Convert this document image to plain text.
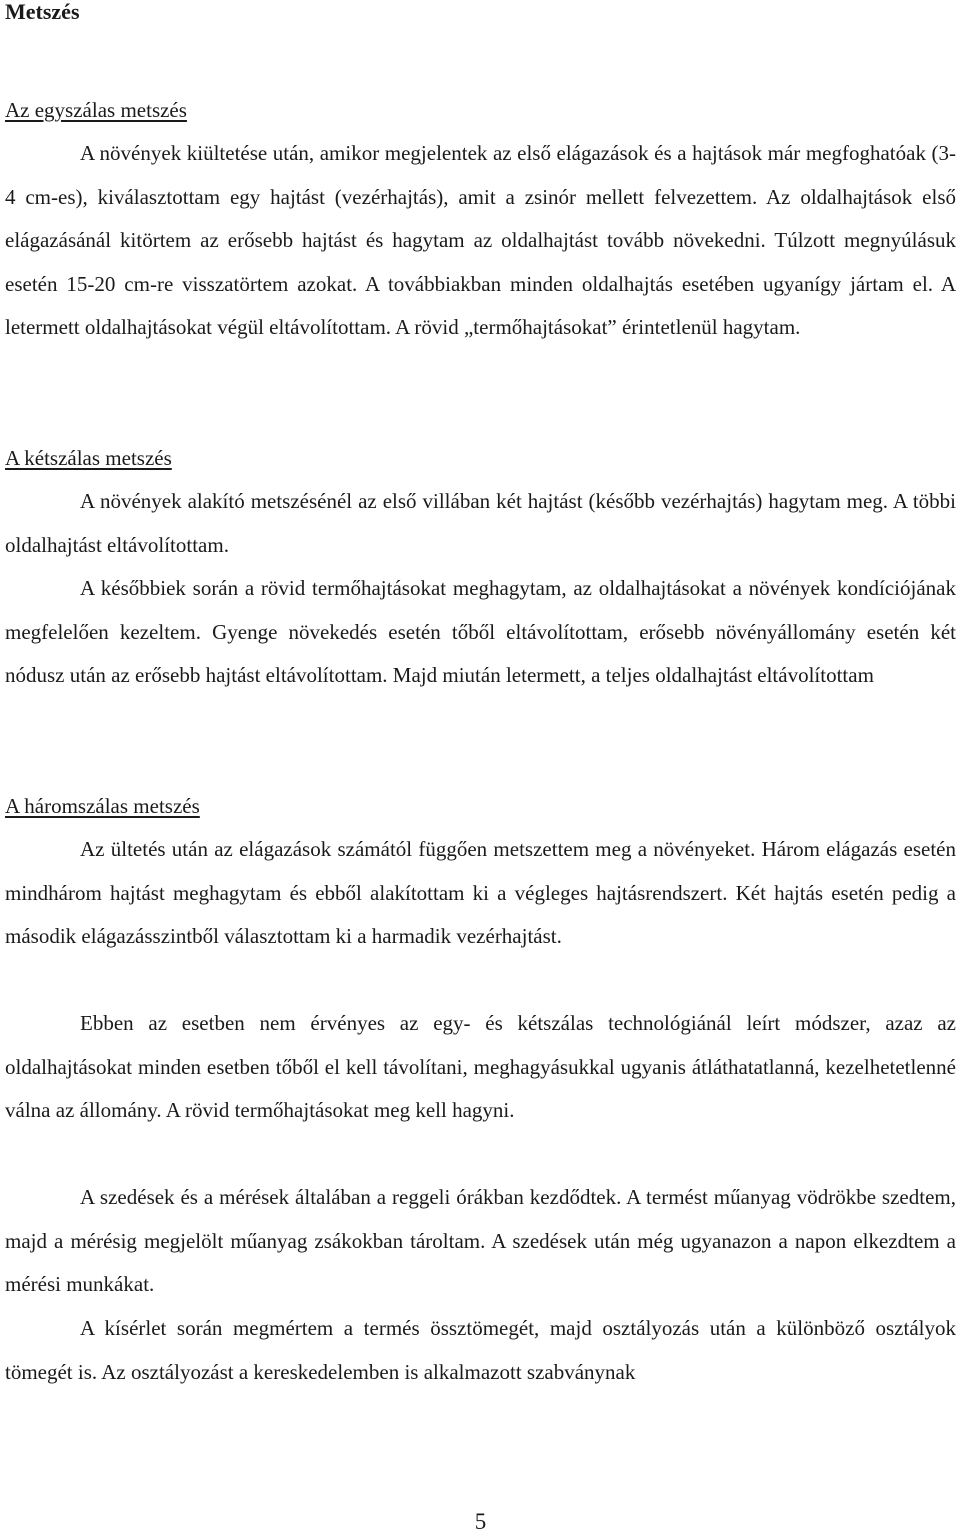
Metszés
Az egyszálas metszés

A növények kiültetése után, amikor megjelentek az első elágazások és a hajtások már megfoghatóak (3-4 cm-es), kiválasztottam egy hajtást (vezérhajtás), amit a zsinór mellett felvezettem. Az oldalhajtások első elágazásánál kitörtem az erősebb hajtást és hagytam az oldalhajtást tovább növekedni. Túlzott megnyúlásuk esetén 15-20 cm-re visszatörtem azokat. A továbbiakban minden oldalhajtás esetében ugyanígy jártam el. A letermett oldalhajtásokat végül eltávolítottam. A rövid „termőhajtásokat” érintetlenül hagytam.

A kétszálas metszés

A növények alakító metszésénél az első villában két hajtást (később vezérhajtás) hagytam meg. A többi oldalhajtást eltávolítottam.

A későbbiek során a rövid termőhajtásokat meghagytam, az oldalhajtásokat a növények kondíciójának megfelelően kezeltem. Gyenge növekedés esetén tőből eltávolítottam, erősebb növényállomány esetén két nódusz után az erősebb hajtást eltávolítottam. Majd miután letermett, a teljes oldalhajtást eltávolítottam

A háromszálas metszés

Az ültetés után az elágazások számától függően metszettem meg a növényeket. Három elágazás esetén mindhárom hajtást meghagytam és ebből alakítottam ki a végleges hajtásrendszert. Két hajtás esetén pedig a második elágazásszintből választottam ki a harmadik vezérhajtást.

Ebben az esetben nem érvényes az egy- és kétszálas technológiánál leírt módszer, azaz az oldalhajtásokat minden esetben tőből el kell távolítani, meghagyásukkal ugyanis átláthatatlanná, kezelhetetlenné válna az állomány. A rövid termőhajtásokat meg kell hagyni.

A szedések és a mérések általában a reggeli órákban kezdődtek. A termést műanyag vödrökbe szedtem, majd a mérésig megjelölt műanyag zsákokban tároltam. A szedések után még ugyanazon a napon elkezdtem a mérési munkákat.

A kísérlet során megmértem a termés össztömegét, majd osztályozás után a különböző osztályok tömegét is. Az osztályozást a kereskedelemben is alkalmazott szabványnak

5
